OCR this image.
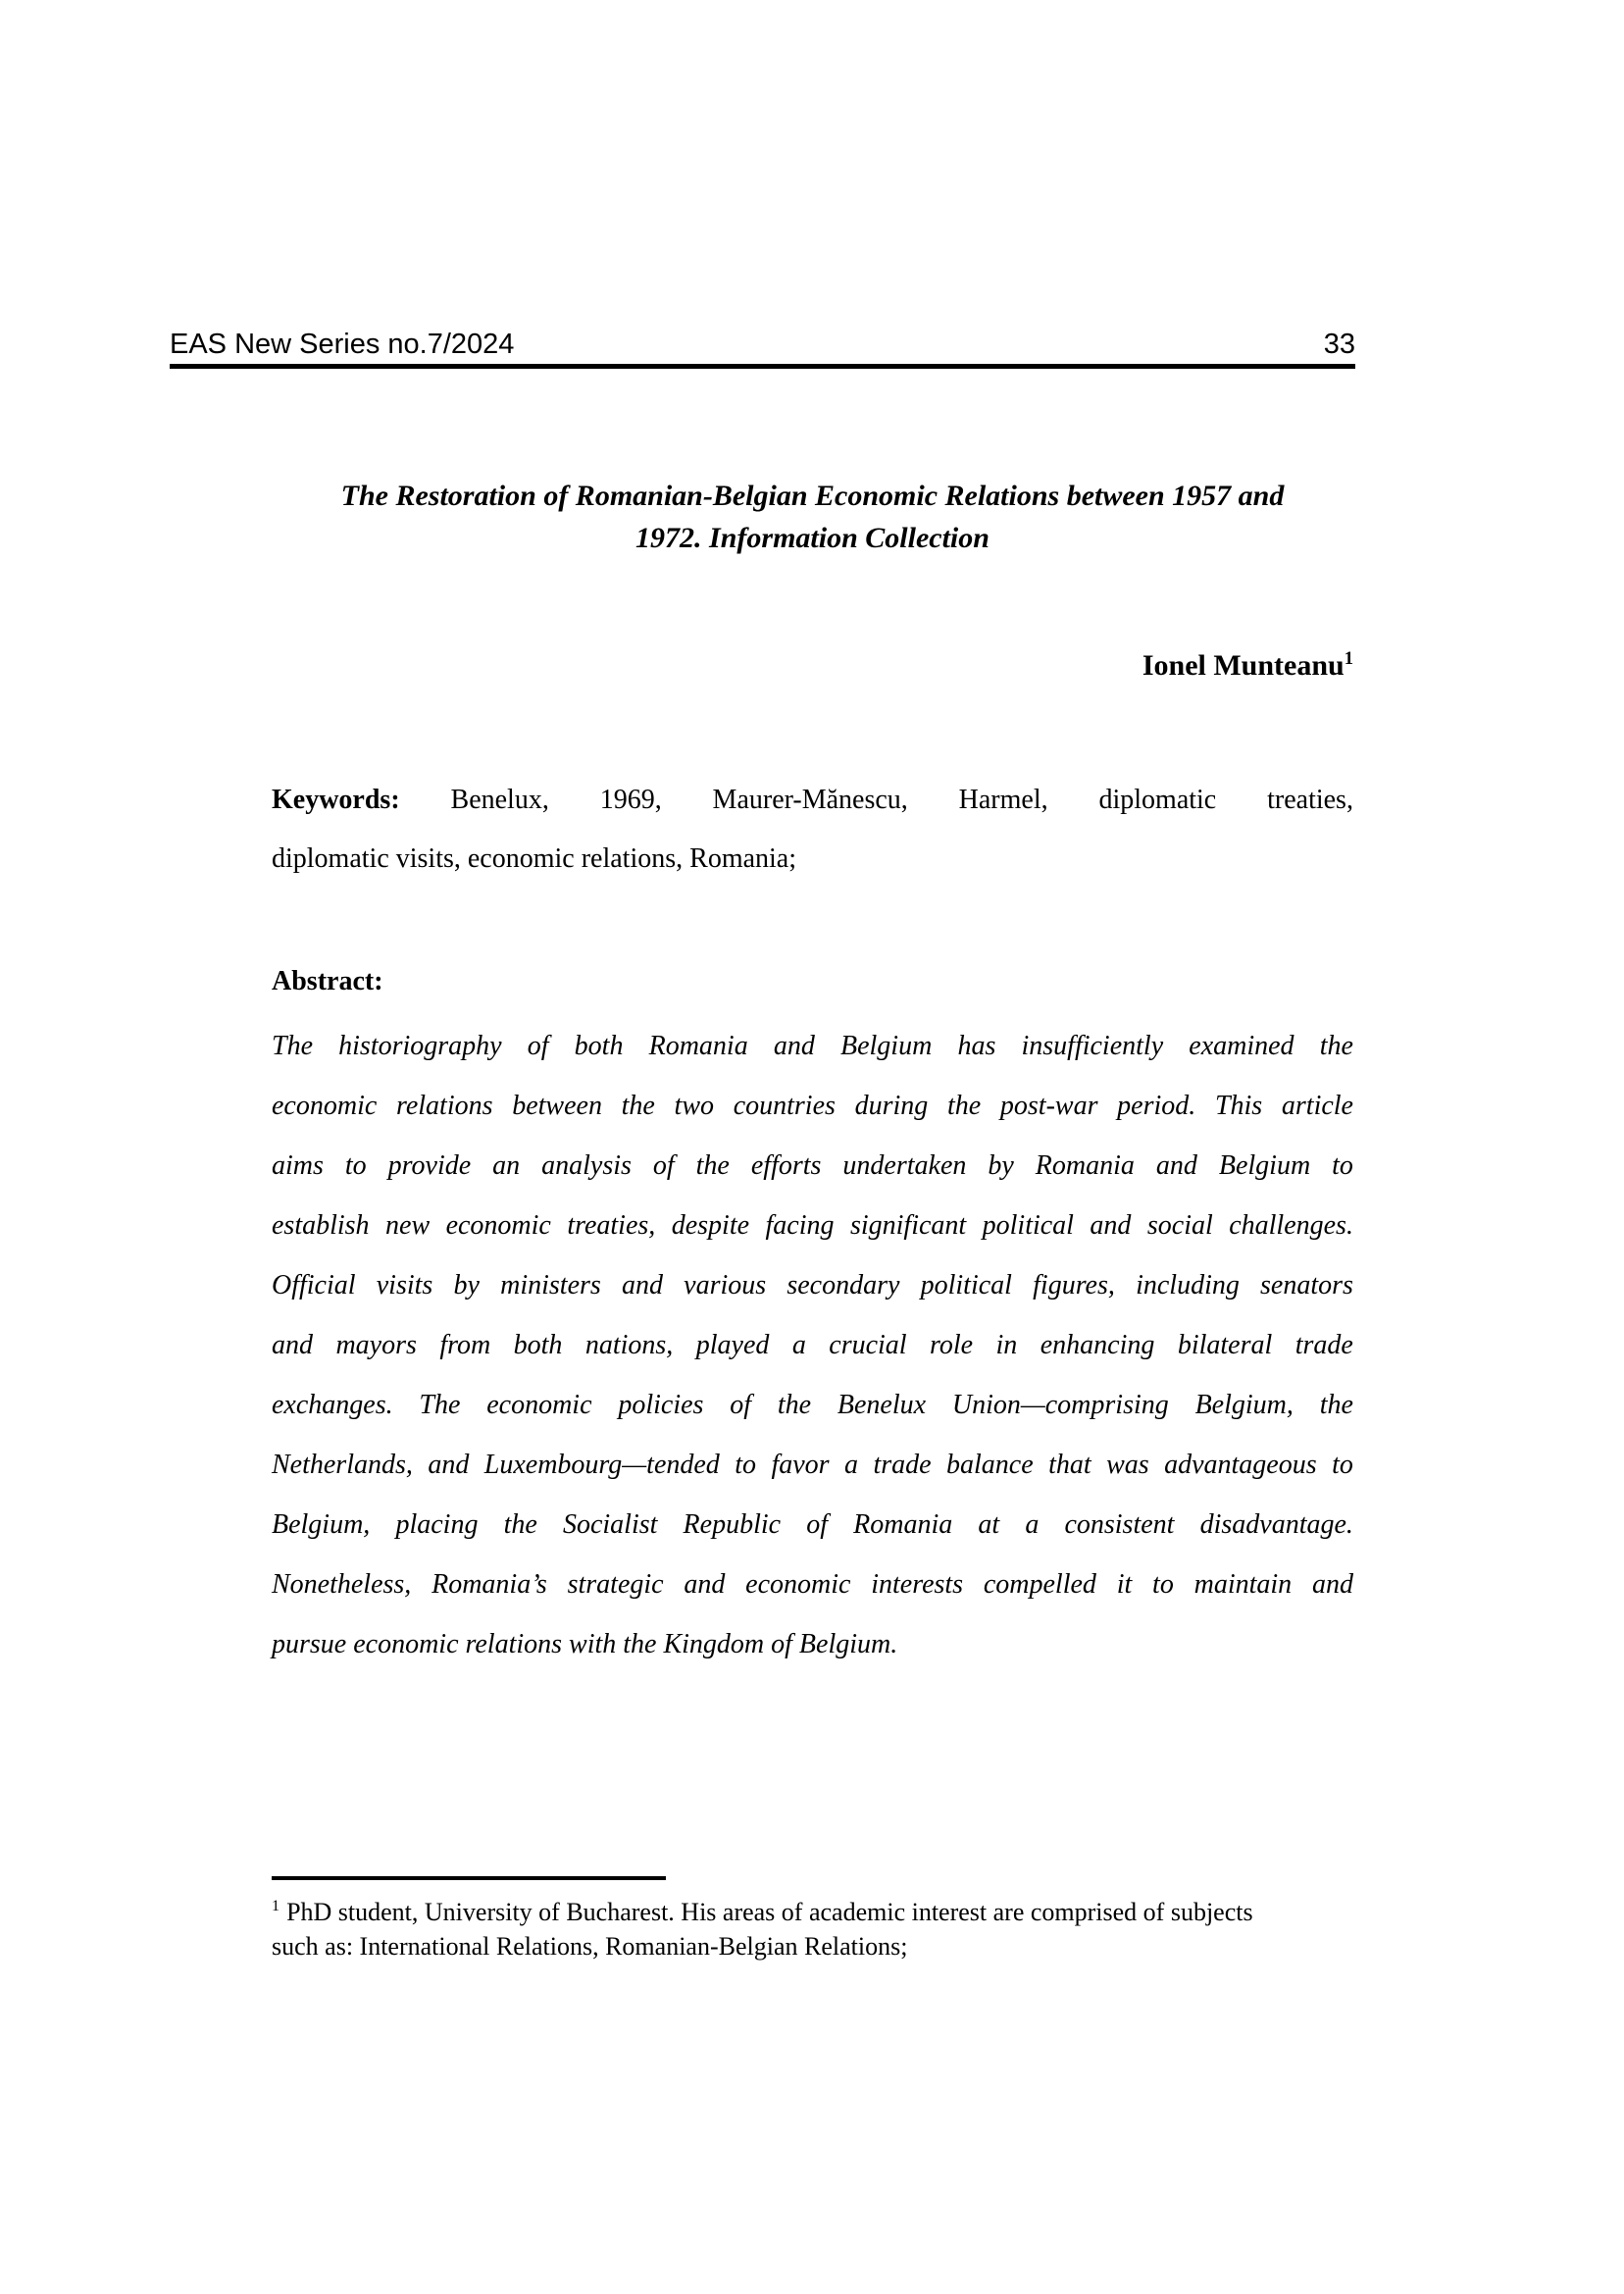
EAS New Series no.7/2024	33
The Restoration of Romanian-Belgian Economic Relations between 1957 and
1972. Information Collection
Ionel Munteanu$^1$
Keywords: Benelux, 1969, Maurer-Mănescu, Harmel, diplomatic treaties,
diplomatic visits, economic relations, Romania;
Abstract:
The historiography of both Romania and Belgium has insufficiently examined the
economic relations between the two countries during the post-war period. This article
aims to provide an analysis of the efforts undertaken by Romania and Belgium to
establish new economic treaties, despite facing significant political and social challenges.
Official visits by ministers and various secondary political figures, including senators
and mayors from both nations, played a crucial role in enhancing bilateral trade
exchanges. The economic policies of the Benelux Union—comprising Belgium, the
Netherlands, and Luxembourg—tended to favor a trade balance that was advantageous to
Belgium, placing the Socialist Republic of Romania at a consistent disadvantage.
Nonetheless, Romania’s strategic and economic interests compelled it to maintain and
pursue economic relations with the Kingdom of Belgium.
$^1$ PhD student, University of Bucharest. His areas of academic interest are comprised of subjects
such as: International Relations, Romanian-Belgian Relations;
